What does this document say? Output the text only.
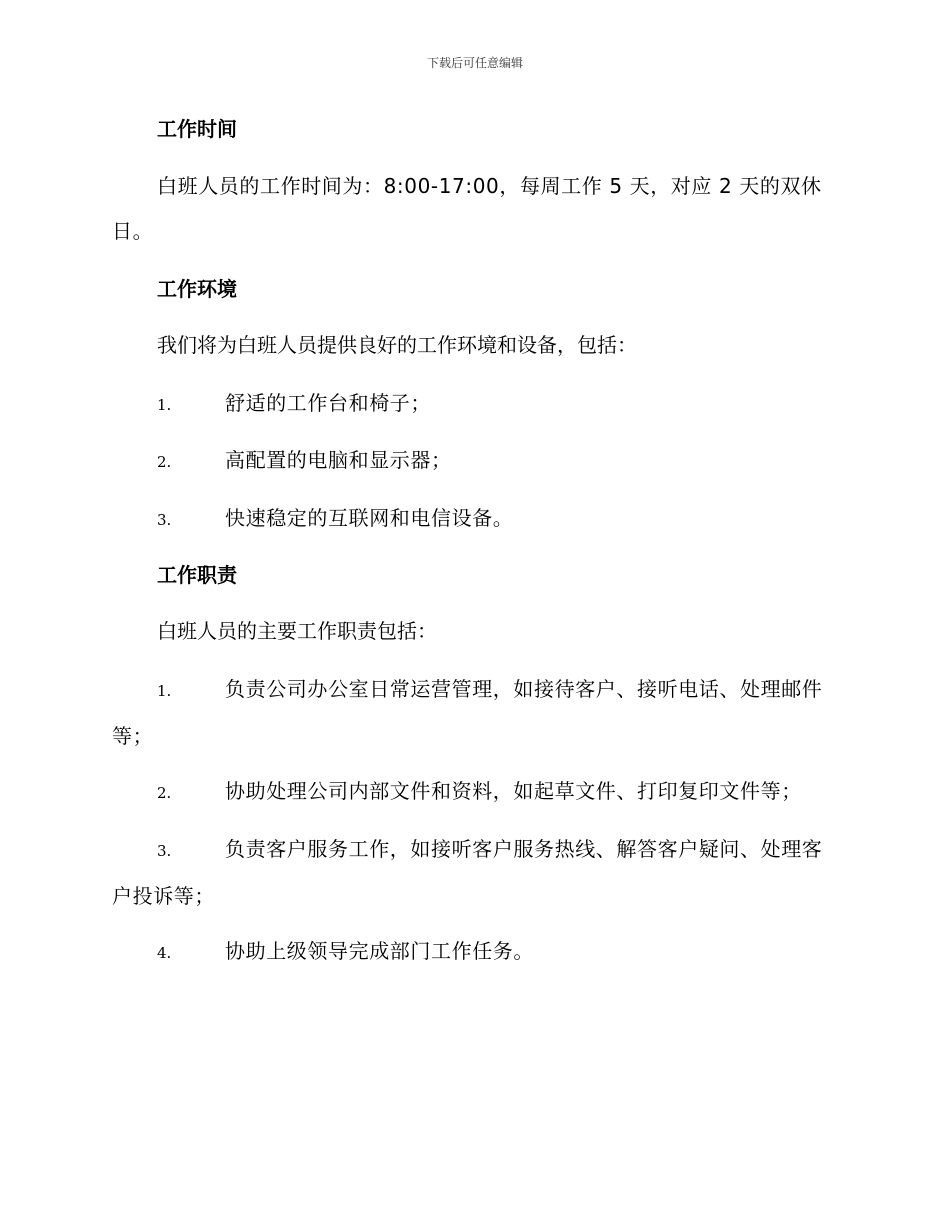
下载后可任意编辑
工作时间
白班人员的工作时间为：8:00-17:00，每周工作 5 天，对应 2 天的双休日。
工作环境
我们将为白班人员提供良好的工作环境和设备，包括：
1.	舒适的工作台和椅子；
2.	高配置的电脑和显示器；
3.	快速稳定的互联网和电信设备。
工作职责
白班人员的主要工作职责包括：
1.	负责公司办公室日常运营管理，如接待客户、接听电话、处理邮件等；
2.	协助处理公司内部文件和资料，如起草文件、打印复印文件等；
3.	负责客户服务工作，如接听客户服务热线、解答客户疑问、处理客户投诉等；
4.	协助上级领导完成部门工作任务。
